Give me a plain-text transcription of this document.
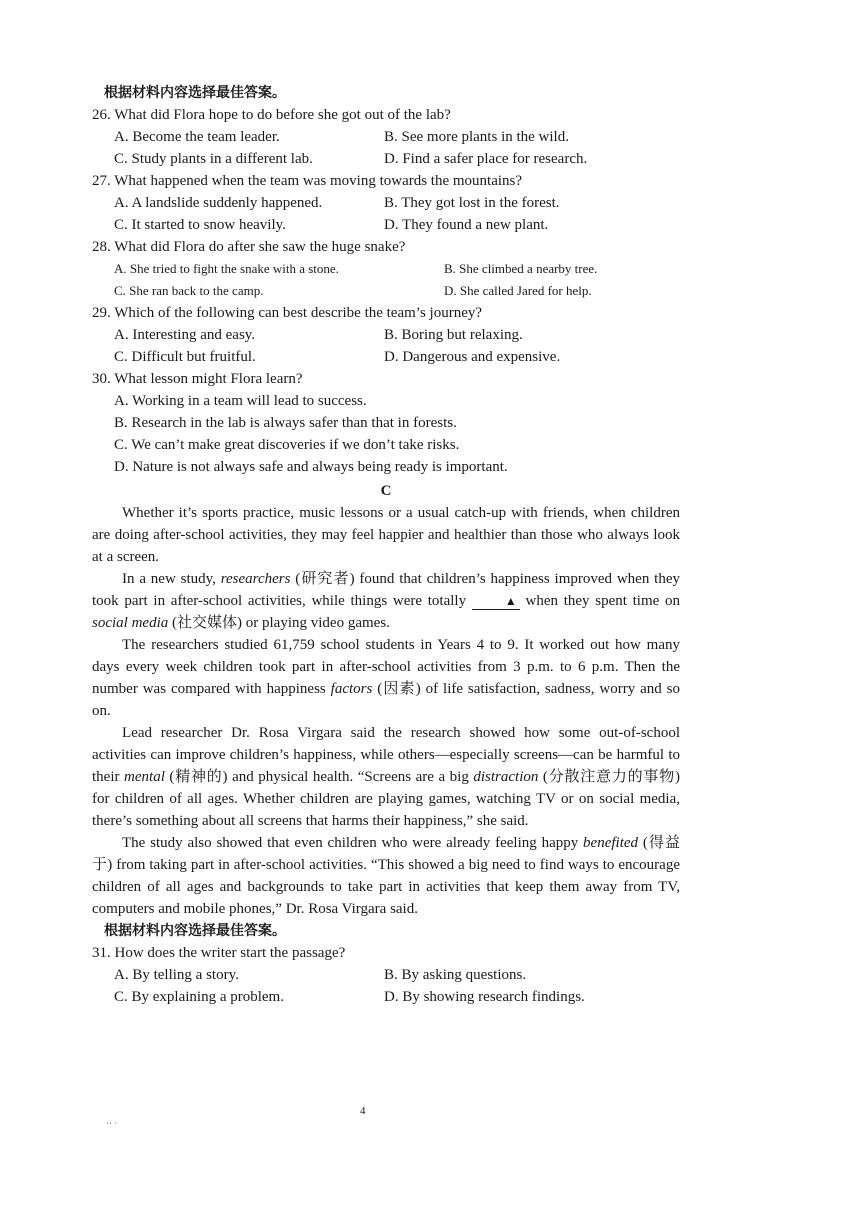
根据材料内容选择最佳答案。

26. What did Flora hope to do before she got out of the lab?

A. Become the team leader.	B. See more plants in the wild.
C. Study plants in a different lab.	D. Find a safer place for research.

27. What happened when the team was moving towards the mountains?

A. A landslide suddenly happened.	B. They got lost in the forest.
C. It started to snow heavily.	D. They found a new plant.

28. What did Flora do after she saw the huge snake?

A. She tried to fight the snake with a stone.	B. She climbed a nearby tree.
C. She ran back to the camp.	D. She called Jared for help.

29. Which of the following can best describe the team’s journey?

A. Interesting and easy.	B. Boring but relaxing.
C. Difficult but fruitful.	D. Dangerous and expensive.

30. What lesson might Flora learn?

A. Working in a team will lead to success.
B. Research in the lab is always safer than that in forests.
C. We can’t make great discoveries if we don’t take risks.
D. Nature is not always safe and always being ready is important.
C

Whether it’s sports practice, music lessons or a usual catch-up with friends, when children are doing after-school activities, they may feel happier and healthier than those who always look at a screen.

In a new study, researchers (研究者) found that children’s happiness improved when they took part in after-school activities, while things were totally	▲ when they spent time on social media (社交媒体) or playing video games.

The researchers studied 61,759 school students in Years 4 to 9. It worked out how many days every week children took part in after-school activities from 3 p.m. to 6 p.m. Then the number was compared with happiness factors (因素) of life satisfaction, sadness, worry and so on.

Lead researcher Dr. Rosa Virgara said the research showed how some out-of-school activities can improve children’s happiness, while others—especially screens—can be harmful to their mental (精神的) and physical health. “Screens are a big distraction (分散注意力的事物) for children of all ages. Whether children are playing games, watching TV or on social media, there’s something about all screens that harms their happiness,” she said.

The study also showed that even children who were already feeling happy benefited (得益于) from taking part in after-school activities. “This showed a big need to find ways to encourage children of all ages and backgrounds to take part in activities that keep them away from TV, computers and mobile phones,” Dr. Rosa Virgara said.

根据材料内容选择最佳答案。

31. How does the writer start the passage?

A. By telling a story.	B. By asking questions.
C. By explaining a problem.	D. By showing research findings.
4
·· ·
